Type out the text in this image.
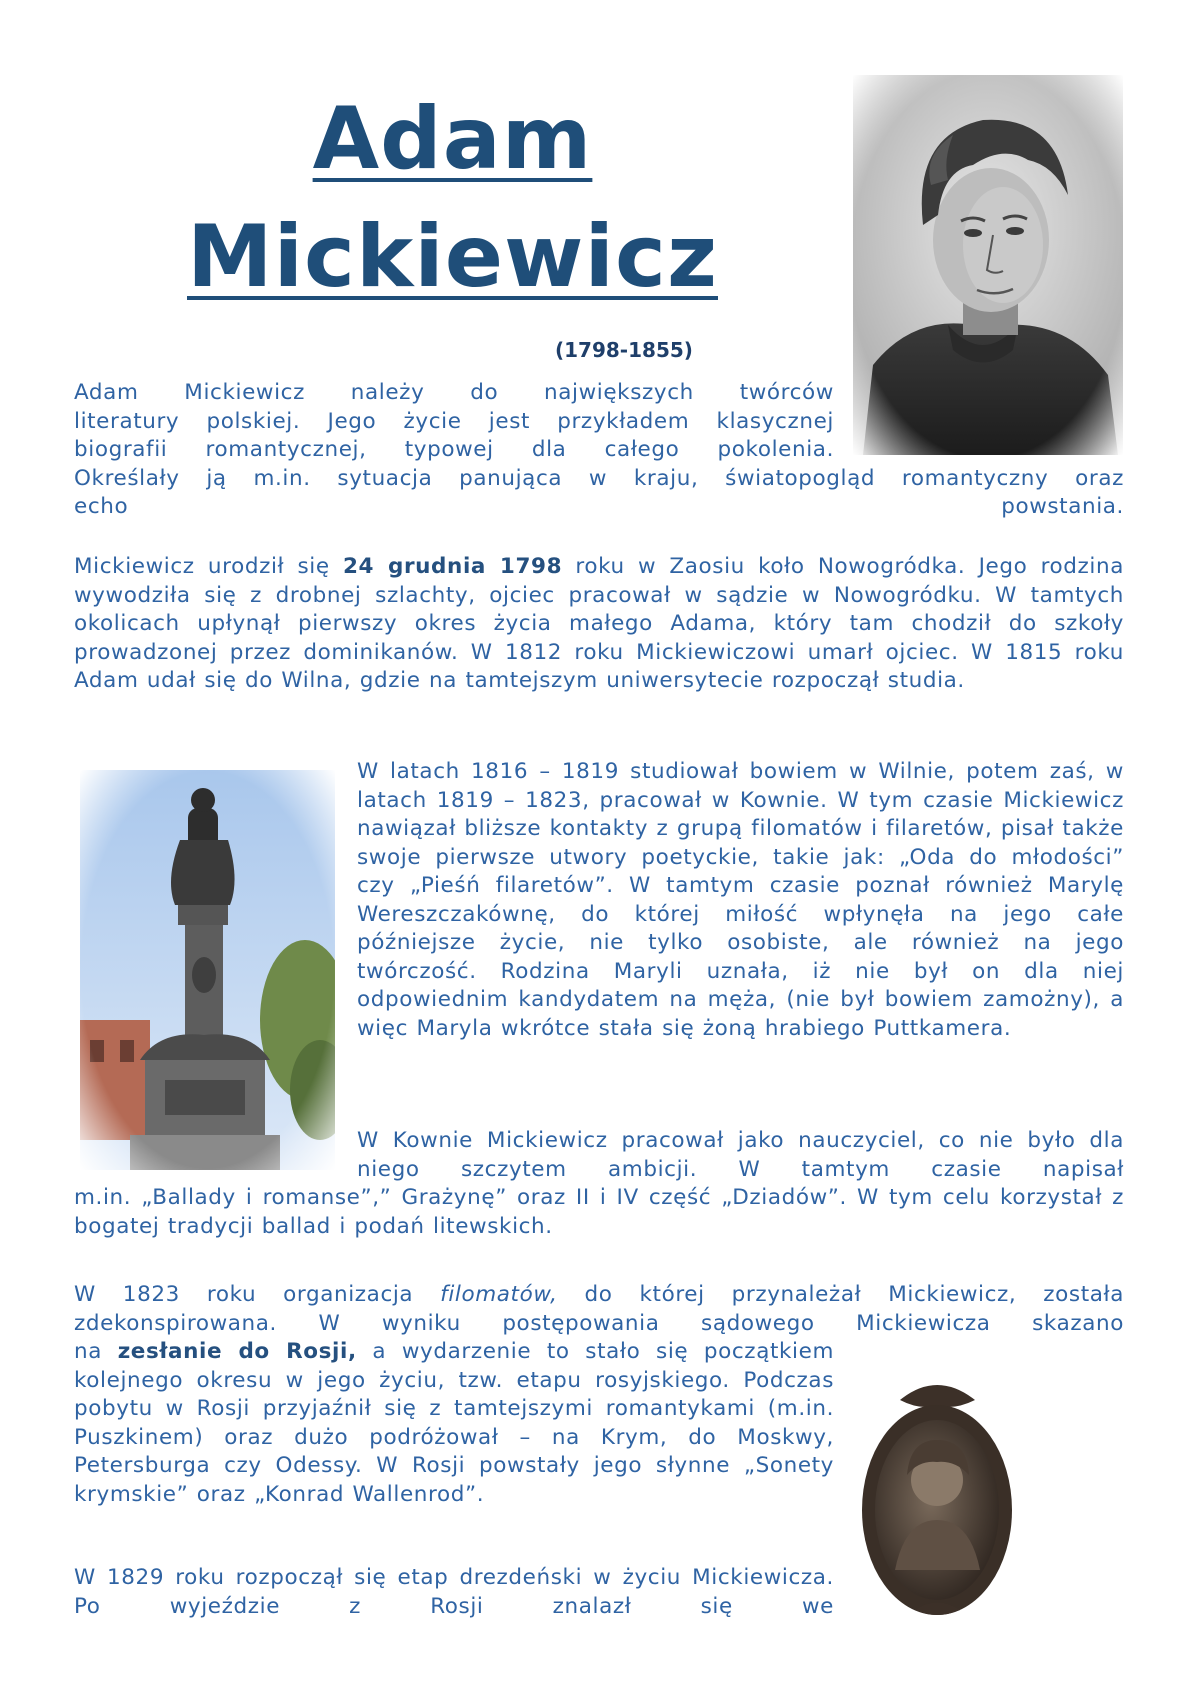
Adam
Mickiewicz
(1798-1855)
Adam Mickiewicz należy do największych twórców
literatury polskiej. Jego życie jest przykładem klasycznej
biografii romantycznej, typowej dla całego pokolenia.
Określały ją m.in. sytuacja panująca w kraju, światopogląd romantyczny oraz
echo powstania.
Mickiewicz urodził się 24 grudnia 1798 roku w Zaosiu koło Nowogródka. Jego rodzina wywodziła się z drobnej szlachty, ojciec pracował w sądzie w Nowogródku. W tamtych okolicach upłynął pierwszy okres życia małego Adama, który tam chodził do szkoły prowadzonej przez dominikanów. W 1812 roku Mickiewiczowi umarł ojciec. W 1815 roku Adam udał się do Wilna, gdzie na tamtejszym uniwersytecie rozpoczął studia.
W latach 1816 – 1819 studiował bowiem w Wilnie, potem zaś, w latach 1819 – 1823, pracował w Kownie. W tym czasie Mickiewicz nawiązał bliższe kontakty z grupą filomatów i filaretów, pisał także swoje pierwsze utwory poetyckie, takie jak: „Oda do młodości” czy „Pieśń filaretów”. W tamtym czasie poznał również Marylę Wereszczakównę, do której miłość wpłynęła na jego całe późniejsze życie, nie tylko osobiste, ale również na jego twórczość. Rodzina Maryli uznała, iż nie był on dla niej odpowiednim kandydatem na męża, (nie był bowiem zamożny), a więc Maryla wkrótce stała się żoną hrabiego Puttkamera.
W Kownie Mickiewicz pracował jako nauczyciel, co nie było dla niego szczytem ambicji. W tamtym czasie napisał
m.in. „Ballady i romanse”,” Grażynę” oraz II i IV część „Dziadów”. W tym celu korzystał z bogatej tradycji ballad i podań litewskich.
W 1823 roku organizacja filomatów, do której przynależał Mickiewicz, została zdekonspirowana. W wyniku postępowania sądowego Mickiewicza skazano
na zesłanie do Rosji, a wydarzenie to stało się początkiem kolejnego okresu w jego życiu, tzw. etapu rosyjskiego. Podczas pobytu w Rosji przyjaźnił się z tamtejszymi romantykami (m.in. Puszkinem) oraz dużo podróżował – na Krym, do Moskwy, Petersburga czy Odessy. W Rosji powstały jego słynne „Sonety krymskie” oraz „Konrad Wallenrod”.
W 1829 roku rozpoczął się etap drezdeński w życiu Mickiewicza. Po wyjeździe z Rosji znalazł się we
